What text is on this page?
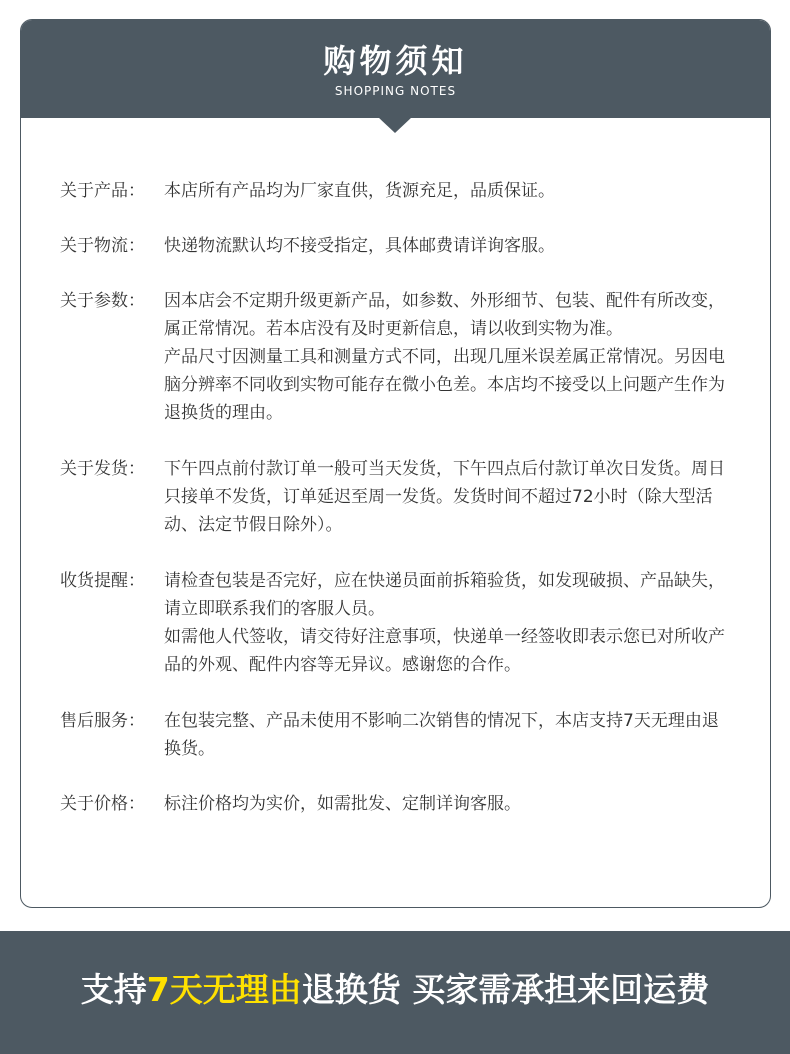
购物须知
SHOPPING NOTES
关于产品：	本店所有产品均为厂家直供，货源充足，品质保证。

关于物流：	快递物流默认均不接受指定，具体邮费请详询客服。

关于参数：	因本店会不定期升级更新产品，如参数、外形细节、包装、配件有所改变，属正常情况。若本店没有及时更新信息，请以收到实物为准。

产品尺寸因测量工具和测量方式不同，出现几厘米误差属正常情况。另因电脑分辨率不同收到实物可能存在微小色差。本店均不接受以上问题产生作为退换货的理由。

关于发货：	下午四点前付款订单一般可当天发货，下午四点后付款订单次日发货。周日只接单不发货，订单延迟至周一发货。发货时间不超过72小时（除大型活动、法定节假日除外）。

收货提醒：	请检查包装是否完好，应在快递员面前拆箱验货，如发现破损、产品缺失，请立即联系我们的客服人员。

如需他人代签收，请交待好注意事项，快递单一经签收即表示您已对所收产品的外观、配件内容等无异议。感谢您的合作。

售后服务：	在包装完整、产品未使用不影响二次销售的情况下，本店支持7天无理由退换货。

关于价格：	标注价格均为实价，如需批发、定制详询客服。

支持7天无理由退换货 买家需承担来回运费
